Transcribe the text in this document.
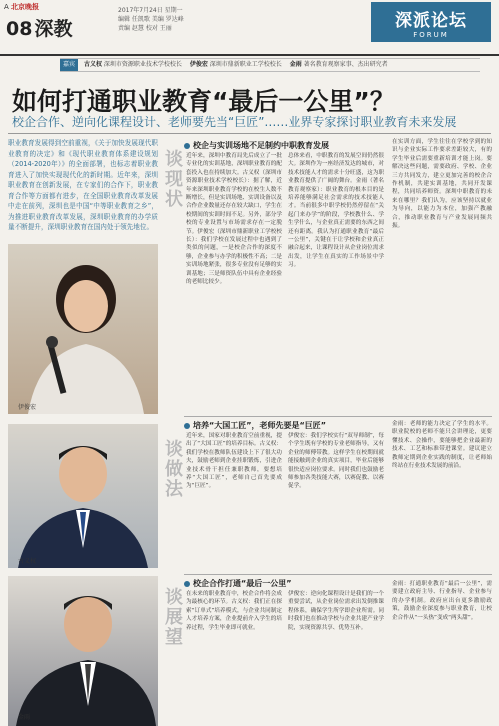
A 北京晚报
08 深教
2017年7月24日 星期一
编辑 任凯歌 美编 罗达峰
责编 赵慧 校对 王丽	深派论坛
FORUM
嘉宾 古义权 深圳市资源职业技术学校校长 伊俊宏 深圳市鼎新职业工学校校长 金雨 著名教育观察家事、杰出研究者
如何打通职业教育“最后一公里”？
校企合作、逆向化课程设计、老师要先当“巨匠”……业界专家探讨职业教育未来发展
职业教育发展得到空前重视，《关于加快发展现代职业教育的决定》和《现代职业教育体系建设规划（2014-2020年）》的全面部署，也标志着职业教育进入了加快实现现代化的新时期。近年来，深圳职业教育在创新发展，在专家们的合作下，职业教育合作等方面都有进步，在全国职业教育改革发展中走在前列，深圳也是中国“中等职业教育之乡”，为推进职业教育改革发展，深圳职业教育的办学质量不断提升，深圳职业教育在国内处于领先地位。
伊俊宏
古义权
金雨
谈现状
谈做法
谈展望
校企与实训场地不足制约中职教育发展
近年来，深圳中教育局先后成立了一批专业化的实训基地，深圳职业教育的配套投入也在持续加大。古义权（深圳市资源职业技术学校校长）：据了解，近年来深圳职业教育学校的在校生人数不断增长，但是实训场地、实训设备以及合作企业数量还存在较大缺口，学生在校期间的实训时间不足。另外，部分学校的专业设置与市场需求存在一定脱节。伊俊宏（深圳市鼎新职业工学校校长）：我们学校在发展过程中也遇到了类似的问题，一是校企合作的深度不够，企业参与办学的积极性不高；二是实训场地紧张，很多专业没有足够的实训基地；三是师资队伍中具有企业经验的老师比较少。
总体来看，中职教育的发展空间仍然很大。深圳作为一座经济发达的城市，对技术技能人才的需求十分旺盛，这为职业教育提供了广阔的舞台。金雨（著名教育观察家）：职业教育的根本目的是培养能够满足社会需求的技术技能人才。当前很多中职学校仍然停留在“关起门来办学”的阶段，学校教什么、学生学什么，与企业真正需要的东西之间还有距离。我认为打通职业教育“最后一公里”，关键在于让学校和企业真正融合起来，让课程设计从企业岗位需求出发，让学生在真实的工作场景中学习。
在实训方面，学生往往在学校学到的知识与企业实际工作要求差距较大，有的学生毕业后需要重新培训才能上岗。要解决这些问题，需要政府、学校、企业三方共同发力，建立更加完善的校企合作机制，共建实训基地，共同开发课程，共同培养师资。深圳中职教育的未来在哪里？我们认为，应该坚持以就业为导向，以能力为本位，加强产教融合，推动职业教育与产业发展同频共振。
培养“大国工匠”，老师先要是“巨匠”
近年来，国家对职业教育空前重视，提出了“大国工匠”的培养目标。古义权：我们学校在教师队伍建设上下了很大功夫，鼓励老师到企业挂职锻炼，引进企业技术骨干担任兼职教师，要想培养“大国工匠”，老师自己首先要成为“巨匠”。
伊俊宏：我们学校实行“双导师制”，每个学生既有学校的专业老师指导，又有企业的师傅带教。这样学生在校期间就能接触到企业的真实项目，毕业后能够很快适应岗位要求。同时我们也鼓励老师参加各类技能大赛，以赛促教、以赛促学。
金雨：老师的能力决定了学生的水平。职业院校的老师不能只会讲理论，更要懂技术、会操作，要能够把企业最新的技术、工艺和标准带进课堂。建议建立教师定期到企业实践的制度，让老师始终站在行业技术发展的前沿。
校企合作打通“最后一公里”
在未来的职业教育中，校企合作将会成为最核心的环节。古义权：我们正在探索“订单式”培养模式，与企业共同制定人才培养方案，企业提前介入学生的培养过程，学生毕业即可就业。
伊俊宏：逆向化课程设计是我们的一个重要尝试，从企业岗位需求出发倒推课程体系，确保学生所学即企业所需。同时我们也在推动学校与企业共建产业学院，实现资源共享、优势互补。
金雨：打通职业教育“最后一公里”，需要建立政府主导、行业指导、企业参与的办学机制。政府应出台更多激励政策，鼓励企业深度参与职业教育，让校企合作从“一头热”变成“两头甜”。
